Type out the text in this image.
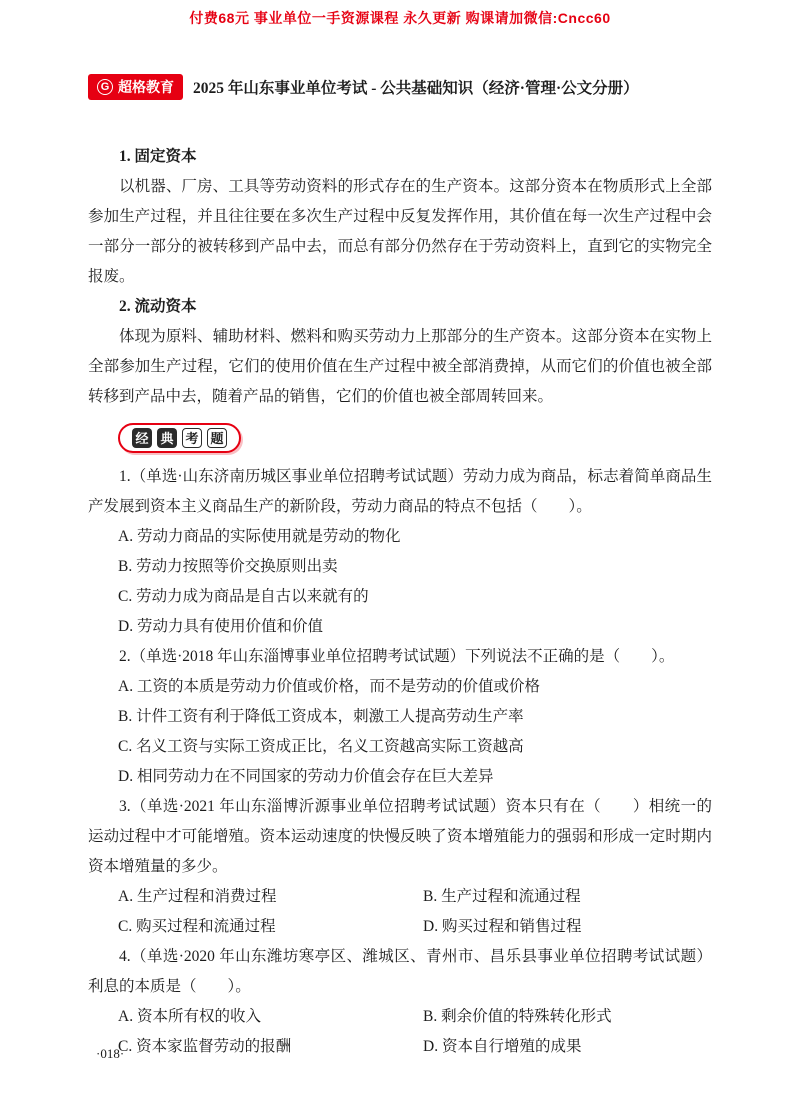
付费68元 事业单位一手资源课程 永久更新 购课请加微信:Cncc60
G 超格教育 2025 年山东事业单位考试 - 公共基础知识（经济·管理·公文分册）
1. 固定资本
以机器、厂房、工具等劳动资料的形式存在的生产资本。这部分资本在物质形式上全部参加生产过程，并且往往要在多次生产过程中反复发挥作用，其价值在每一次生产过程中会一部分一部分的被转移到产品中去，而总有部分仍然存在于劳动资料上，直到它的实物完全报废。
2. 流动资本
体现为原料、辅助材料、燃料和购买劳动力上那部分的生产资本。这部分资本在实物上全部参加生产过程，它们的使用价值在生产过程中被全部消费掉，从而它们的价值也被全部转移到产品中去，随着产品的销售，它们的价值也被全部周转回来。
经 典 考 题
1.（单选·山东济南历城区事业单位招聘考试试题）劳动力成为商品，标志着简单商品生产发展到资本主义商品生产的新阶段，劳动力商品的特点不包括（　　）。
A. 劳动力商品的实际使用就是劳动的物化
B. 劳动力按照等价交换原则出卖
C. 劳动力成为商品是自古以来就有的
D. 劳动力具有使用价值和价值
2.（单选·2018 年山东淄博事业单位招聘考试试题）下列说法不正确的是（　　）。
A. 工资的本质是劳动力价值或价格，而不是劳动的价值或价格
B. 计件工资有利于降低工资成本，刺激工人提高劳动生产率
C. 名义工资与实际工资成正比，名义工资越高实际工资越高
D. 相同劳动力在不同国家的劳动力价值会存在巨大差异
3.（单选·2021 年山东淄博沂源事业单位招聘考试试题）资本只有在（　　）相统一的运动过程中才可能增殖。资本运动速度的快慢反映了资本增殖能力的强弱和形成一定时期内资本增殖量的多少。
A. 生产过程和消费过程	B. 生产过程和流通过程
C. 购买过程和流通过程	D. 购买过程和销售过程
4.（单选·2020 年山东潍坊寒亭区、潍城区、青州市、昌乐县事业单位招聘考试试题）利息的本质是（　　）。
A. 资本所有权的收入	B. 剩余价值的特殊转化形式
C. 资本家监督劳动的报酬	D. 资本自行增殖的成果
·018·
